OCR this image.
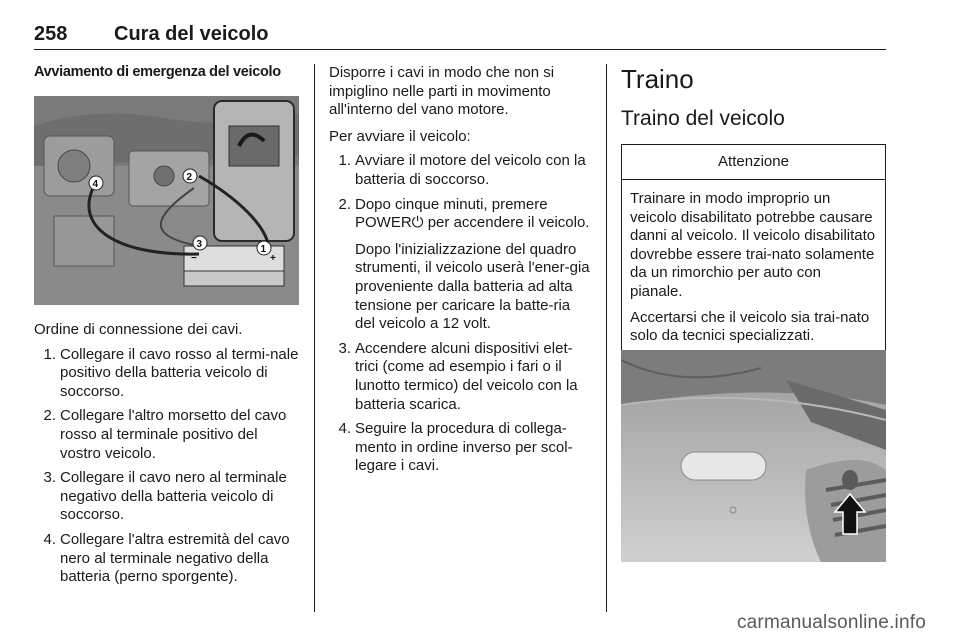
258 Cura del veicolo
Avviamento di emergenza del veicolo

Ordine di connessione dei cavi.

1. Collegare il cavo rosso al termi-nale positivo della batteria veicolo di soccorso.
2. Collegare l'altro morsetto del cavo rosso al terminale positivo del vostro veicolo.
3. Collegare il cavo nero al terminale negativo della batteria veicolo di soccorso.
4. Collegare l'altra estremità del cavo nero al terminale negativo della batteria (perno sporgente).
+
−
1
2
3
4

Disporre i cavi in modo che non si impiglino nelle parti in movimento all'interno del vano motore.

Per avviare il veicolo:

1. Avviare il motore del veicolo con la batteria di soccorso.
2. Dopo cinque minuti, premere POWER⏻ per accendere il veicolo.

Dopo l'inizializzazione del quadro strumenti, il veicolo userà l'ener-gia proveniente dalla batteria ad alta tensione per caricare la batte-ria del veicolo a 12 volt.

3. Accendere alcuni dispositivi elet-trici (come ad esempio i fari o il lunotto termico) del veicolo con la batteria scarica.
4. Seguire la procedura di collega-mento in ordine inverso per scol-legare i cavi.
Traino
Traino del veicolo
Attenzione

Trainare in modo improprio un veicolo disabilitato potrebbe causare danni al veicolo. Il veicolo disabilitato dovrebbe essere trai-nato solamente da un rimorchio per auto con pianale.

Accertarsi che il veicolo sia trai-nato solo da tecnici specializzati.

carmanualsonline.info
